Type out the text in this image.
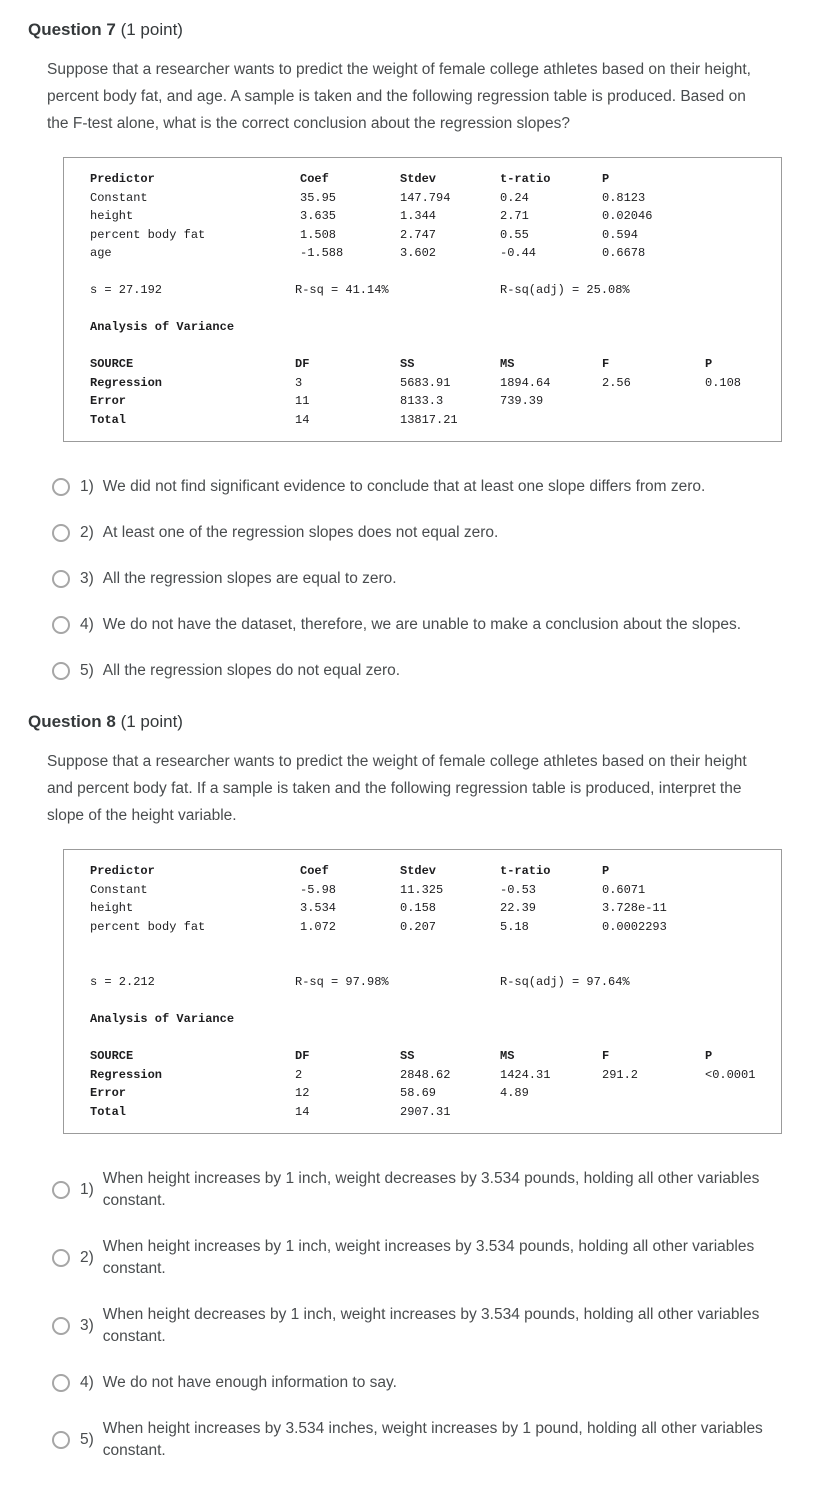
Question 7 (1 point)

Suppose that a researcher wants to predict the weight of female college athletes based on their height, percent body fat, and age. A sample is taken and the following regression table is produced. Based on the F-test alone, what is the correct conclusion about the regression slopes?

Predictor	Coef	Stdev	t-ratio	P
Constant	35.95	147.794	0.24	0.8123
height	3.635	1.344	2.71	0.02046
percent body fat	1.508	2.747	0.55	0.594
age	-1.588	3.602	-0.44	0.6678
s = 27.192	R-sq = 41.14%	R-sq(adj) = 25.08%
Analysis of Variance
SOURCE	DF	SS	MS	F	P
Regression	3	5683.91	1894.64	2.56	0.108
Error	11	8133.3	739.39
Total	14	13817.21
1) We did not find significant evidence to conclude that at least one slope differs from zero.
2) At least one of the regression slopes does not equal zero.
3) All the regression slopes are equal to zero.
4) We do not have the dataset, therefore, we are unable to make a conclusion about the slopes.
5) All the regression slopes do not equal zero.
Question 8 (1 point)

Suppose that a researcher wants to predict the weight of female college athletes based on their height and percent body fat. If a sample is taken and the following regression table is produced, interpret the slope of the height variable.

Predictor	Coef	Stdev	t-ratio	P
Constant	-5.98	11.325	-0.53	0.6071
height	3.534	0.158	22.39	3.728e-11
percent body fat	1.072	0.207	5.18	0.0002293
s = 2.212	R-sq = 97.98%	R-sq(adj) = 97.64%
Analysis of Variance
SOURCE	DF	SS	MS	F	P
Regression	2	2848.62	1424.31	291.2	<0.0001
Error	12	58.69	4.89
Total	14	2907.31
1)
When height increases by 1 inch, weight decreases by 3.534 pounds, holding all other variables constant.
2)
When height increases by 1 inch, weight increases by 3.534 pounds, holding all other variables constant.
3)
When height decreases by 1 inch, weight increases by 3.534 pounds, holding all other variables constant.
4) We do not have enough information to say.
5)
When height increases by 3.534 inches, weight increases by 1 pound, holding all other variables constant.
